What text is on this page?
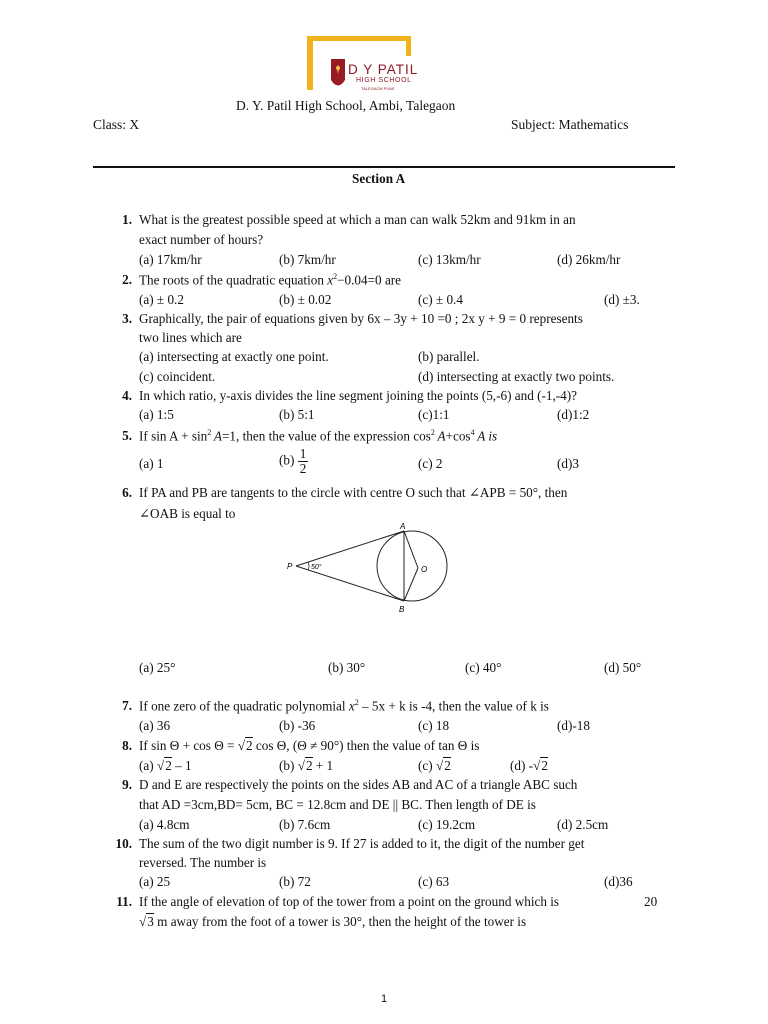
D Y PATIL
HIGH SCHOOL
TALEGAON PUNE
D. Y. Patil High School, Ambi, Talegaon
Class: X	Subject: Mathematics
Section A
1. What is the greatest possible speed at which a man can walk 52km and 91km in an
exact number of hours?
(a) 17km/hr	(b) 7km/hr	(c) 13km/hr	(d) 26km/hr
2. The roots of the quadratic equation $x^2-0.04=0$ are
(a) ± 0.2	(b) ± 0.02	(c) ± 0.4	(d) ±3.
3. Graphically, the pair of equations given by 6x – 3y + 10 =0 ; 2x y + 9 = 0 represents
two lines which are
(a) intersecting at exactly one point.	(b) parallel.
(c) coincident.	(d) intersecting at exactly two points.
4. In which ratio, y-axis divides the line segment joining the points (5,-6) and (-1,-4)?
(a) 1:5	(b) 5:1	(c)1:1	(d)1:2
5. If $\sin A + \sin^2 A=1$, then the value of the expression $\cos^2 A+\cos^4$  A is
(a) 1	$(b) \frac{1}{2}$	(c) 2	(d)3
6. If PA and PB are tangents to the circle with centre O such that ∠APB = 50°, then
∠OAB is equal to
P
A
B
O
50°
(a) 25°	(b) 30°	(c) 40°	(d) 50°
7. If one zero of the quadratic polynomial $x^2 - 5x + k$ is -4, then the value of k is
(a) 36	(b) -36	(c) 18	(d)-18
8. If sin Θ + cos Θ = √2 cos Θ, (Θ ≠ 90°) then the value of tan Θ is
(a) √2 – 1	(b) √2 + 1	(c) √2	(d) -√2
9. D and E are respectively the points on the sides AB and AC of a triangle ABC such
that AD =3cm,BD= 5cm, BC = 12.8cm and DE || BC. Then length of DE is
(a) 4.8cm	(b) 7.6cm	(c) 19.2cm	(d) 2.5cm
10. The sum of the two digit number is 9. If 27 is added to it, the digit of the number get
reversed. The number is
(a) 25	(b) 72	(c) 63	(d)36
11. If the angle of elevation of top of the tower from a point on the ground which is	20
√3 m away from the foot of a tower is 30°, then the height of the tower is
1
